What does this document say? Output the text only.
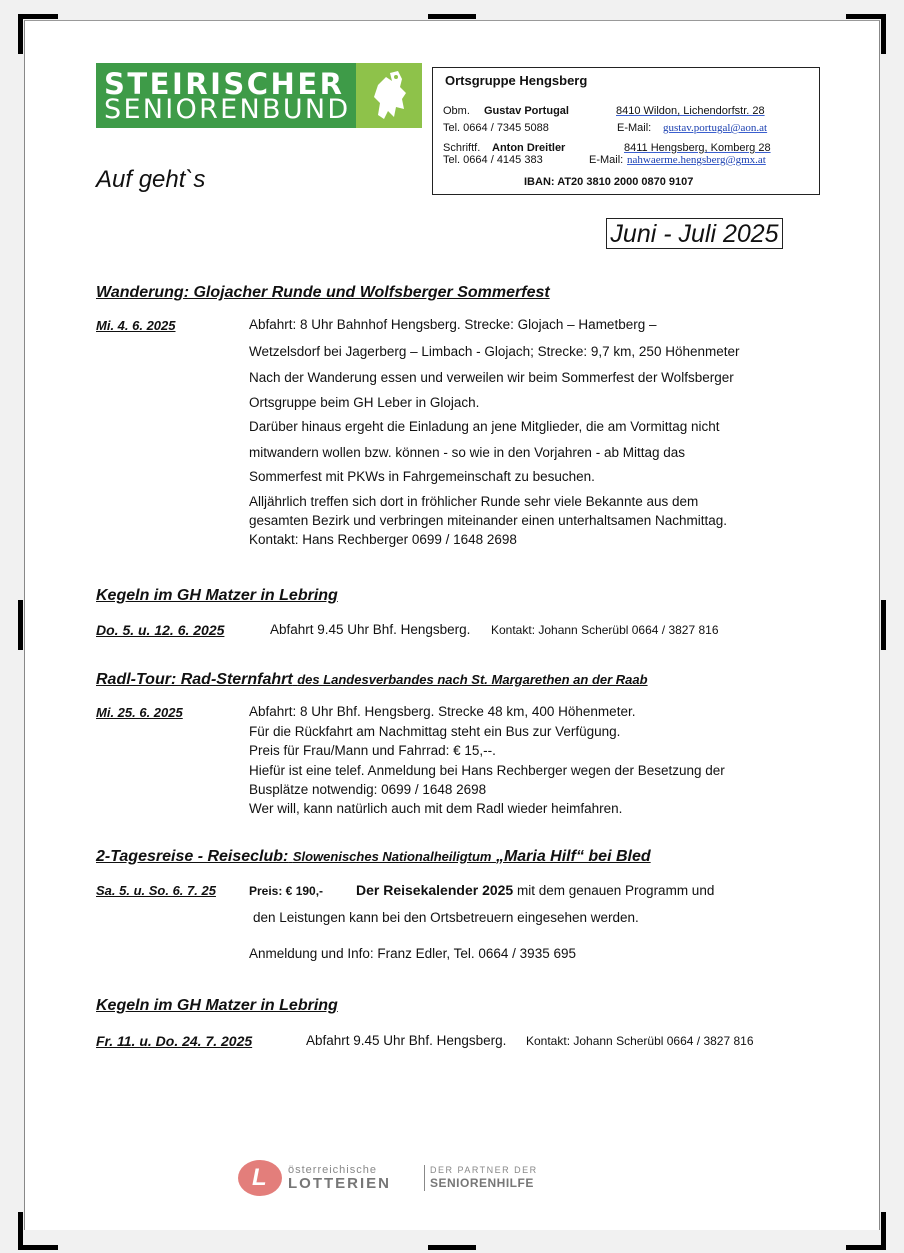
STEIRISCHER
SENIORENBUND
Ortsgruppe Hengsberg
Obm. Gustav Portugal	8410 Wildon, Lichendorfstr. 28
Tel. 0664 / 7345 5088	E-Mail: gustav.portugal@aon.at
Schriftf. Anton Dreitler	8411 Hengsberg, Komberg 28
Tel. 0664 / 4145 383	E-Mail: nahwaerme.hengsberg@gmx.at
IBAN: AT20 3810 2000 0870 9107
Auf geht`s
Juni - Juli 2025
Wanderung: Glojacher Runde und Wolfsberger Sommerfest
Mi. 4. 6. 2025	Abfahrt: 8 Uhr Bahnhof Hengsberg. Strecke: Glojach – Hametberg –
Wetzelsdorf bei Jagerberg – Limbach - Glojach; Strecke: 9,7 km, 250 Höhenmeter
Nach der Wanderung essen und verweilen wir beim Sommerfest der Wolfsberger
Ortsgruppe beim GH Leber in Glojach.
Darüber hinaus ergeht die Einladung an jene Mitglieder, die am Vormittag nicht
mitwandern wollen bzw. können - so wie in den Vorjahren - ab Mittag das
Sommerfest mit PKWs in Fahrgemeinschaft zu besuchen.
Alljährlich treffen sich dort in fröhlicher Runde sehr viele Bekannte aus dem
gesamten Bezirk und verbringen miteinander einen unterhaltsamen Nachmittag.
Kontakt: Hans Rechberger 0699 / 1648 2698
Kegeln im GH Matzer in Lebring
Do. 5. u. 12. 6. 2025	Abfahrt 9.45 Uhr Bhf. Hengsberg. Kontakt: Johann Scherübl 0664 / 3827 816
Radl-Tour: Rad-Sternfahrt des Landesverbandes nach St. Margarethen an der Raab
Mi. 25. 6. 2025	Abfahrt: 8 Uhr Bhf. Hengsberg. Strecke 48 km, 400 Höhenmeter.
Für die Rückfahrt am Nachmittag steht ein Bus zur Verfügung.
Preis für Frau/Mann und Fahrrad: € 15,--.
Hiefür ist eine telef. Anmeldung bei Hans Rechberger wegen der Besetzung der
Busplätze notwendig: 0699 / 1648 2698
Wer will, kann natürlich auch mit dem Radl wieder heimfahren.
2-Tagesreise - Reiseclub: Slowenisches Nationalheiligtum „Maria Hilf“ bei Bled
Sa. 5. u. So. 6. 7. 25	Preis: € 190,- Der Reisekalender 2025 mit dem genauen Programm und
den Leistungen kann bei den Ortsbetreuern eingesehen werden.
Anmeldung und Info: Franz Edler, Tel. 0664 / 3935 695
Kegeln im GH Matzer in Lebring
Fr. 11. u. Do. 24. 7. 2025	Abfahrt 9.45 Uhr Bhf. Hengsberg. Kontakt: Johann Scherübl 0664 / 3827 816
L österreichische
LOTTERIEN
DER PARTNER DER
SENIORENHILFE
